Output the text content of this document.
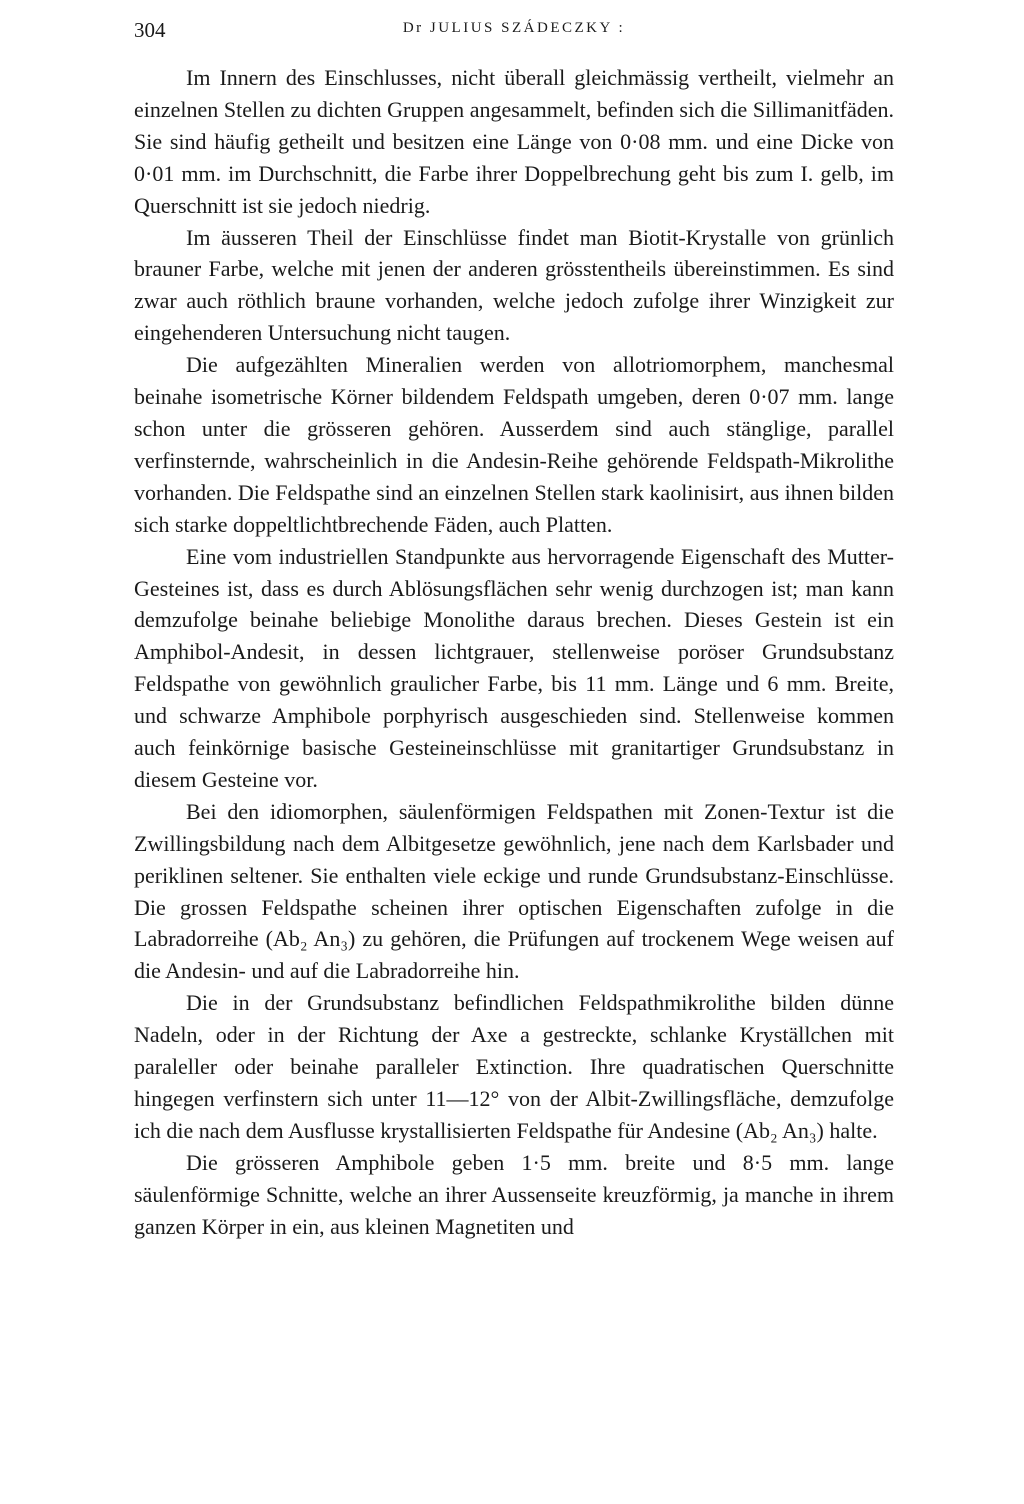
304	Dr JULIUS SZÁDECZKY :

Im Innern des Einschlusses, nicht überall gleichmässig vertheilt, vielmehr an einzelnen Stellen zu dichten Gruppen angesammelt, befinden sich die Sillimanitfäden. Sie sind häufig getheilt und besitzen eine Länge von 0·08 mm. und eine Dicke von 0·01 mm. im Durchschnitt, die Farbe ihrer Doppelbrechung geht bis zum I. gelb, im Querschnitt ist sie jedoch niedrig.

Im äusseren Theil der Einschlüsse findet man Biotit-Krystalle von grünlich brauner Farbe, welche mit jenen der anderen grösstentheils übereinstimmen. Es sind zwar auch röthlich braune vorhanden, welche jedoch zufolge ihrer Winzigkeit zur eingehenderen Untersuchung nicht taugen.

Die aufgezählten Mineralien werden von allotriomorphem, manchesmal beinahe isometrische Körner bildendem Feldspath umgeben, deren 0·07 mm. lange schon unter die grösseren gehören. Ausserdem sind auch stänglige, parallel verfinsternde, wahrscheinlich in die Andesin-Reihe gehörende Feldspath-Mikrolithe vorhanden. Die Feldspathe sind an einzelnen Stellen stark kaolinisirt, aus ihnen bilden sich starke doppeltlichtbrechende Fäden, auch Platten.

Eine vom industriellen Standpunkte aus hervorragende Eigenschaft des Mutter-Gesteines ist, dass es durch Ablösungsflächen sehr wenig durchzogen ist; man kann demzufolge beinahe beliebige Monolithe daraus brechen. Dieses Gestein ist ein Amphibol-Andesit, in dessen lichtgrauer, stellenweise poröser Grundsubstanz Feldspathe von gewöhnlich graulicher Farbe, bis 11 mm. Länge und 6 mm. Breite, und schwarze Amphibole porphyrisch ausgeschieden sind. Stellenweise kommen auch feinkörnige basische Gesteineinschlüsse mit granitartiger Grundsubstanz in diesem Gesteine vor.

Bei den idiomorphen, säulenförmigen Feldspathen mit Zonen-Textur ist die Zwillingsbildung nach dem Albitgesetze gewöhnlich, jene nach dem Karlsbader und periklinen seltener. Sie enthalten viele eckige und runde Grundsubstanz-Einschlüsse. Die grossen Feldspathe scheinen ihrer optischen Eigenschaften zufolge in die Labradorreihe (Ab₂ An₃) zu gehören, die Prüfungen auf trockenem Wege weisen auf die Andesin- und auf die Labradorreihe hin.

Die in der Grundsubstanz befindlichen Feldspathmikrolithe bilden dünne Nadeln, oder in der Richtung der Axe a gestreckte, schlanke Kryställchen mit paraleller oder beinahe paralleler Extinction. Ihre quadratischen Querschnitte hingegen verfinstern sich unter 11—12° von der Albit-Zwillingsfläche, demzufolge ich die nach dem Ausflusse krystallisierten Feldspathe für Andesine (Ab₂ An₃) halte.

Die grösseren Amphibole geben 1·5 mm. breite und 8·5 mm. lange säulenförmige Schnitte, welche an ihrer Aussenseite kreuzförmig, ja manche in ihrem ganzen Körper in ein, aus kleinen Magnetiten und
